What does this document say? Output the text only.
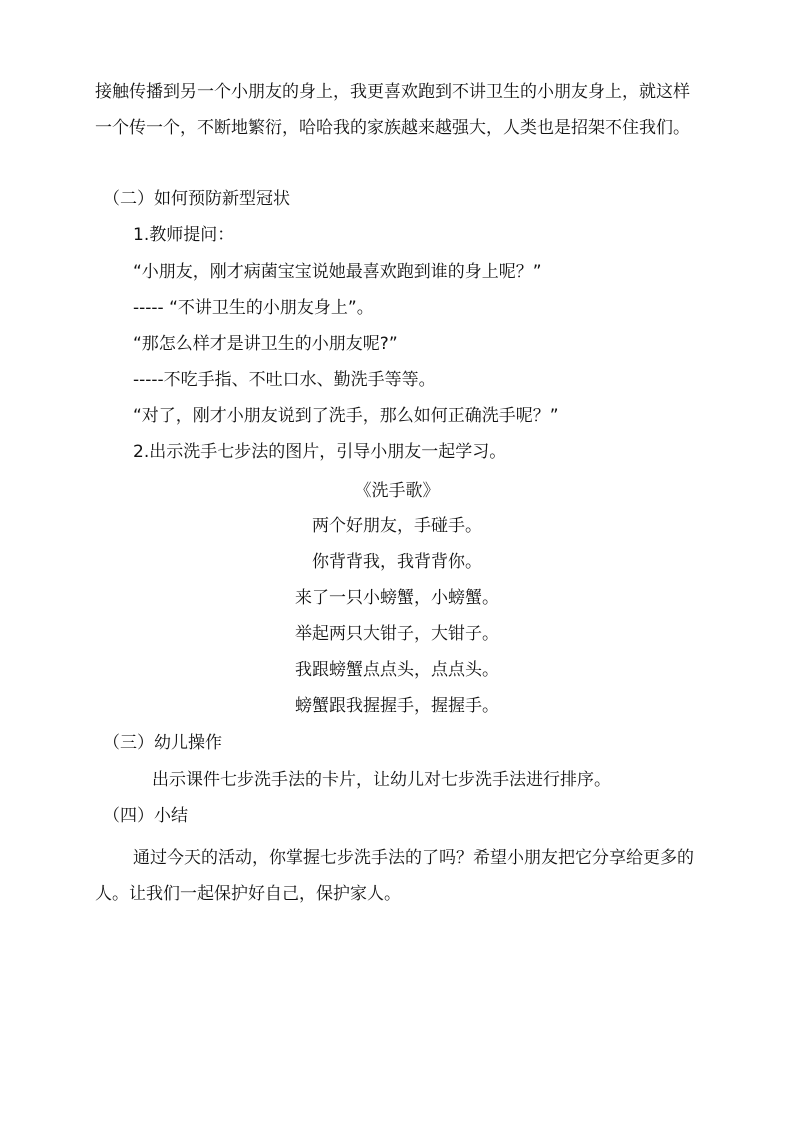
接触传播到另一个小朋友的身上，我更喜欢跑到不讲卫生的小朋友身上，就这样一个传一个，不断地繁衍，哈哈我的家族越来越强大，人类也是招架不住我们。
（二）如何预防新型冠状
1.教师提问：
“小朋友，刚才病菌宝宝说她最喜欢跑到谁的身上呢？”
----- “不讲卫生的小朋友身上”。
“那怎么样才是讲卫生的小朋友呢?”
-----不吃手指、不吐口水、勤洗手等等。
“对了，刚才小朋友说到了洗手，那么如何正确洗手呢？”
2.出示洗手七步法的图片，引导小朋友一起学习。
《洗手歌》
两个好朋友，手碰手。
你背背我，我背背你。
来了一只小螃蟹，小螃蟹。
举起两只大钳子，大钳子。
我跟螃蟹点点头，点点头。
螃蟹跟我握握手，握握手。
（三）幼儿操作
出示课件七步洗手法的卡片，让幼儿对七步洗手法进行排序。
（四）小结
通过今天的活动，你掌握七步洗手法的了吗？希望小朋友把它分享给更多的人。让我们一起保护好自己，保护家人。
